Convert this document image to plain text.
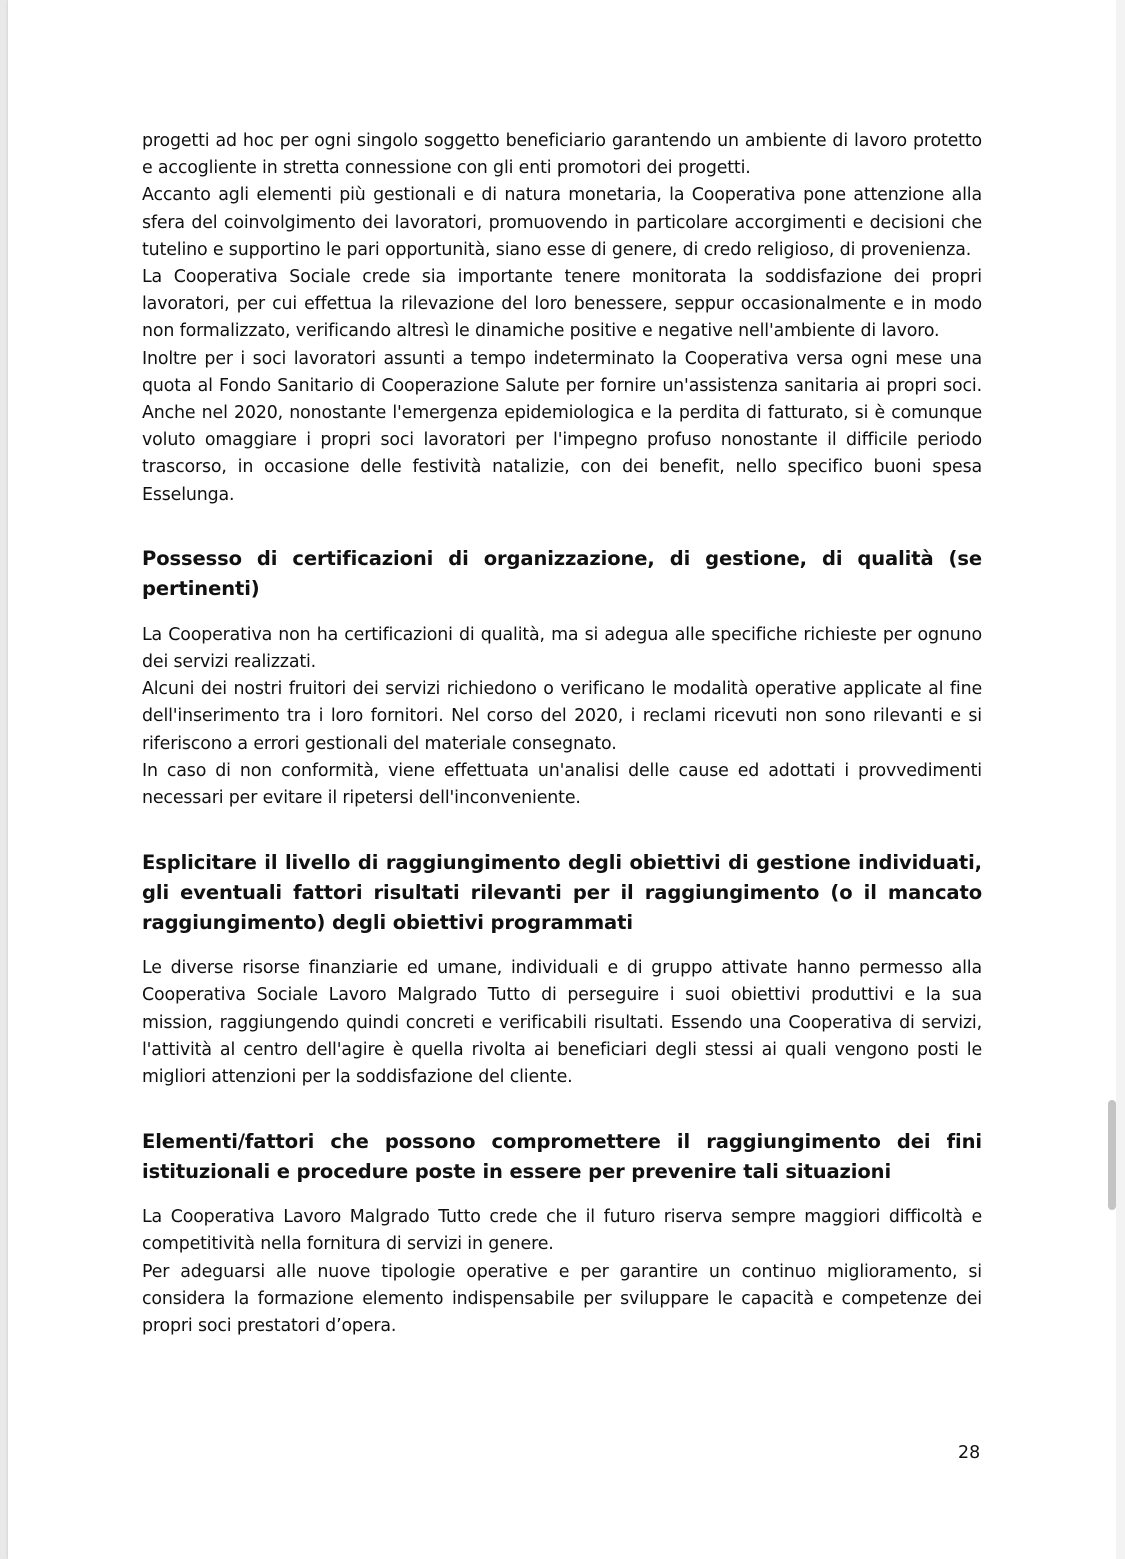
progetti ad hoc per ogni singolo soggetto beneficiario garantendo un ambiente di lavoro protetto e accogliente in stretta connessione con gli enti promotori dei progetti.

Accanto agli elementi più gestionali e di natura monetaria, la Cooperativa pone attenzione alla sfera del coinvolgimento dei lavoratori, promuovendo in particolare accorgimenti e decisioni che tutelino e supportino le pari opportunità, siano esse di genere, di credo religioso, di provenienza.

La Cooperativa Sociale crede sia importante tenere monitorata la soddisfazione dei propri lavoratori, per cui effettua la rilevazione del loro benessere, seppur occasionalmente e in modo non formalizzato, verificando altresì le dinamiche positive e negative nell'ambiente di lavoro.

Inoltre per i soci lavoratori assunti a tempo indeterminato la Cooperativa versa ogni mese una quota al Fondo Sanitario di Cooperazione Salute per fornire un'assistenza sanitaria ai propri soci. Anche nel 2020, nonostante l'emergenza epidemiologica e la perdita di fatturato, si è comunque voluto omaggiare i propri soci lavoratori per l'impegno profuso nonostante il difficile periodo trascorso, in occasione delle festività natalizie, con dei benefit, nello specifico buoni spesa Esselunga.

Possesso di certificazioni di organizzazione, di gestione, di qualità (se pertinenti)

La Cooperativa non ha certificazioni di qualità, ma si adegua alle specifiche richieste per ognuno dei servizi realizzati.

Alcuni dei nostri fruitori dei servizi richiedono o verificano le modalità operative applicate al fine dell'inserimento tra i loro fornitori. Nel corso del 2020, i reclami ricevuti non sono rilevanti e si riferiscono a errori gestionali del materiale consegnato.

In caso di non conformità, viene effettuata un'analisi delle cause ed adottati i provvedimenti necessari per evitare il ripetersi dell'inconveniente.

Esplicitare il livello di raggiungimento degli obiettivi di gestione individuati, gli eventuali fattori risultati rilevanti per il raggiungimento (o il mancato raggiungimento) degli obiettivi programmati

Le diverse risorse finanziarie ed umane, individuali e di gruppo attivate hanno permesso alla Cooperativa Sociale Lavoro Malgrado Tutto di perseguire i suoi obiettivi produttivi e la sua mission, raggiungendo quindi concreti e verificabili risultati. Essendo una Cooperativa di servizi, l'attività al centro dell'agire è quella rivolta ai beneficiari degli stessi ai quali vengono posti le migliori attenzioni per la soddisfazione del cliente.

Elementi/fattori che possono compromettere il raggiungimento dei fini istituzionali e procedure poste in essere per prevenire tali situazioni

La Cooperativa Lavoro Malgrado Tutto crede che il futuro riserva sempre maggiori difficoltà e competitività nella fornitura di servizi in genere.

Per adeguarsi alle nuove tipologie operative e per garantire un continuo miglioramento, si considera la formazione elemento indispensabile per sviluppare le capacità e competenze dei propri soci prestatori d’opera.

28
